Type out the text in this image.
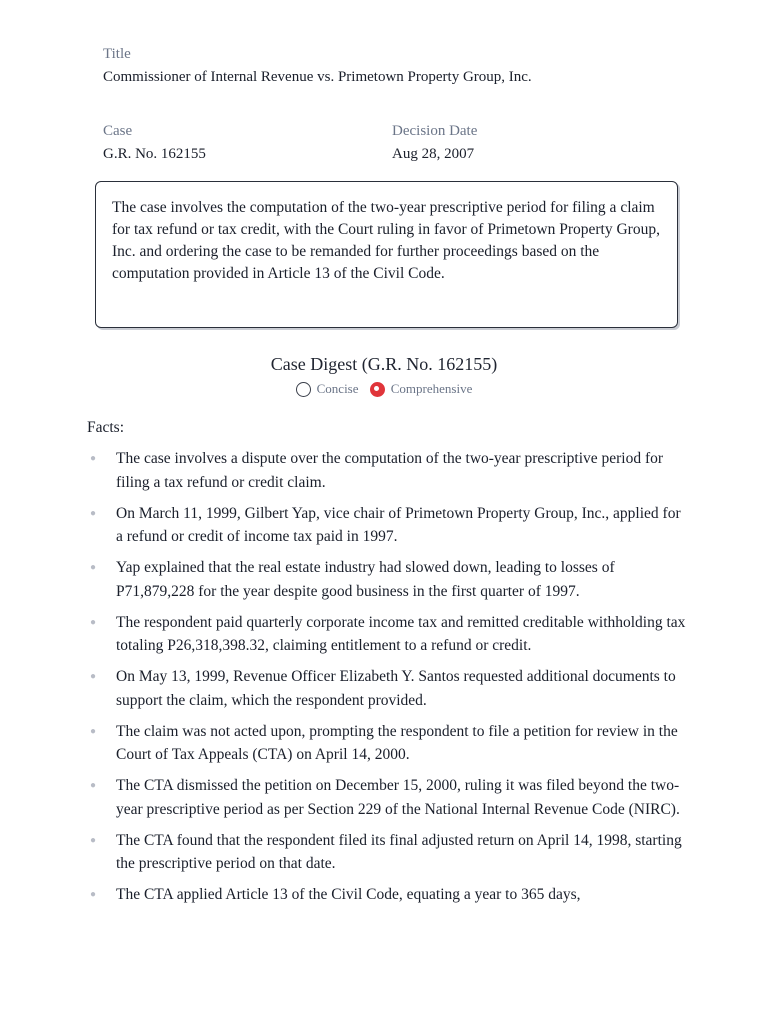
Title
Commissioner of Internal Revenue vs. Primetown Property Group, Inc.
Case
G.R. No. 162155
Decision Date
Aug 28, 2007

The case involves the computation of the two-year prescriptive period for filing a claim for tax refund or tax credit, with the Court ruling in favor of Primetown Property Group, Inc. and ordering the case to be remanded for further proceedings based on the computation provided in Article 13 of the Civil Code.

Case Digest (G.R. No. 162155)
Concise
Comprehensive
Facts:
● The case involves a dispute over the computation of the two-year prescriptive period for filing a tax refund or credit claim.
● On March 11, 1999, Gilbert Yap, vice chair of Primetown Property Group, Inc., applied for a refund or credit of income tax paid in 1997.
● Yap explained that the real estate industry had slowed down, leading to losses of P71,879,228 for the year despite good business in the first quarter of 1997.
● The respondent paid quarterly corporate income tax and remitted creditable withholding tax totaling P26,318,398.32, claiming entitlement to a refund or credit.
● On May 13, 1999, Revenue Officer Elizabeth Y. Santos requested additional documents to support the claim, which the respondent provided.
● The claim was not acted upon, prompting the respondent to file a petition for review in the Court of Tax Appeals (CTA) on April 14, 2000.
● The CTA dismissed the petition on December 15, 2000, ruling it was filed beyond the two-year prescriptive period as per Section 229 of the National Internal Revenue Code (NIRC).
● The CTA found that the respondent filed its final adjusted return on April 14, 1998, starting the prescriptive period on that date.
● The CTA applied Article 13 of the Civil Code, equating a year to 365 days,
